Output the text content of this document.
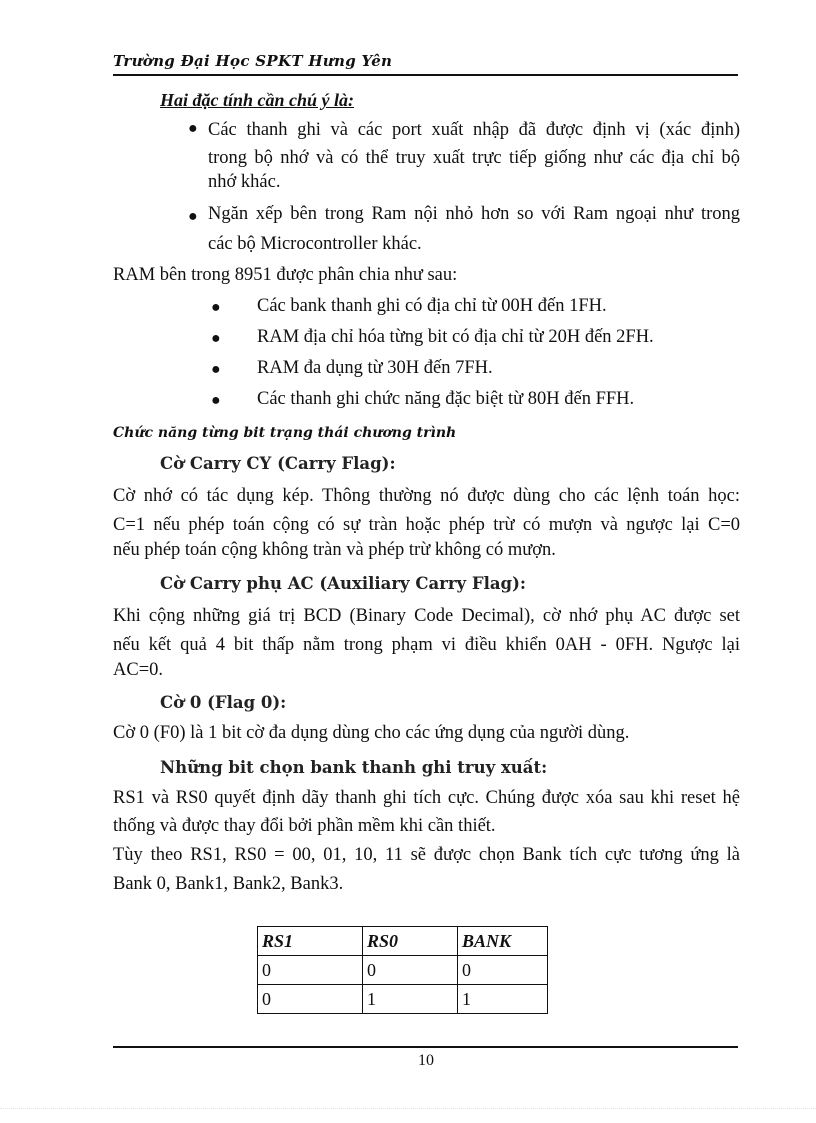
Trường Đại Học SPKT Hưng Yên
Hai đặc tính cần chú ý là:
● Các thanh ghi và các port xuất nhập đã được định vị (xác định)
trong bộ nhớ và có thể truy xuất trực tiếp giống như các địa chỉ bộ
nhớ khác.
● Ngăn xếp bên trong Ram nội nhỏ hơn so với Ram ngoại như trong
các bộ Microcontroller khác.
RAM bên trong 8951 được phân chia như sau:
● Các bank thanh ghi có địa chỉ từ 00H đến 1FH.
● RAM địa chỉ hóa từng bit có địa chỉ từ 20H đến 2FH.
● RAM đa dụng từ 30H đến 7FH.
● Các thanh ghi chức năng đặc biệt từ 80H đến FFH.
Chức năng từng bit trạng thái chương trình
Cờ Carry CY (Carry Flag):
Cờ nhớ có tác dụng kép. Thông thường nó được dùng cho các lệnh toán học:
C=1 nếu phép toán cộng có sự tràn hoặc phép trừ có mượn và ngược lại C=0
nếu phép toán cộng không tràn và phép trừ không có mượn.
Cờ Carry phụ AC (Auxiliary Carry Flag):
Khi cộng những giá trị BCD (Binary Code Decimal), cờ nhớ phụ AC được set
nếu kết quả 4 bit thấp nằm trong phạm vi điều khiển 0AH - 0FH. Ngược lại
AC=0.
Cờ 0 (Flag 0):
Cờ 0 (F0) là 1 bit cờ đa dụng dùng cho các ứng dụng của người dùng.
Những bit chọn bank thanh ghi truy xuất:
RS1 và RS0 quyết định dãy thanh ghi tích cực. Chúng được xóa sau khi reset hệ
thống và được thay đổi bởi phần mềm khi cần thiết.
Tùy theo RS1, RS0 = 00, 01, 10, 11 sẽ được chọn Bank tích cực tương ứng là
Bank 0, Bank1, Bank2, Bank3.
RS1	RS0	BANK
0	0	0
0	1	1
10
